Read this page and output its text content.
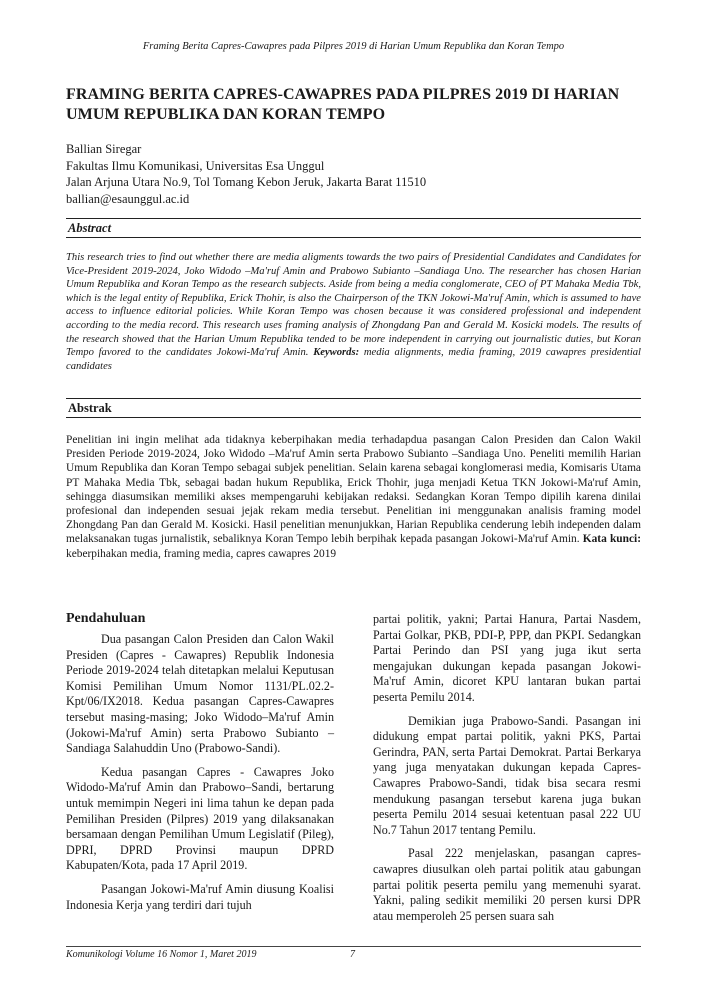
Framing Berita Capres-Cawapres pada Pilpres 2019 di Harian Umum Republika dan Koran Tempo
FRAMING BERITA CAPRES-CAWAPRES PADA PILPRES 2019 DI HARIAN
UMUM REPUBLIKA DAN KORAN TEMPO
Ballian Siregar
Fakultas Ilmu Komunikasi, Universitas Esa Unggul
Jalan Arjuna Utara No.9, Tol Tomang Kebon Jeruk, Jakarta Barat 11510
ballian@esaunggul.ac.id
Abstract

This research tries to find out whether there are media aligments towards the two pairs of Presidential Candidates and Candidates for Vice-President 2019-2024, Joko Widodo –Ma'ruf Amin and Prabowo Subianto –Sandiaga Uno. The researcher has chosen Harian Umum Republika and Koran Tempo as the research subjects. Aside from being a media conglomerate, CEO of PT Mahaka Media Tbk, which is the legal entity of Republika, Erick Thohir, is also the Chairperson of the TKN Jokowi-Ma'ruf Amin, which is assumed to have access to influence editorial policies. While Koran Tempo was chosen because it was considered professional and independent according to the media record. This research uses framing analysis of Zhongdang Pan and Gerald M. Kosicki models. The results of the research showed that the Harian Umum Republika tended to be more independent in carrying out journalistic duties, but Koran Tempo favored to the candidates Jokowi-Ma'ruf Amin. Keywords: media alignments, media framing, 2019 cawapres presidential candidates

Abstrak

Penelitian ini ingin melihat ada tidaknya keberpihakan media terhadapdua pasangan Calon Presiden dan Calon Wakil Presiden Periode 2019-2024, Joko Widodo –Ma'ruf Amin serta Prabowo Subianto –Sandiaga Uno. Peneliti memilih Harian Umum Republika dan Koran Tempo sebagai subjek penelitian. Selain karena sebagai konglomerasi media, Komisaris Utama PT Mahaka Media Tbk, sebagai badan hukum Republika, Erick Thohir, juga menjadi Ketua TKN Jokowi-Ma'ruf Amin, sehingga diasumsikan memiliki akses mempengaruhi kebijakan redaksi. Sedangkan Koran Tempo dipilih karena dinilai profesional dan independen sesuai jejak rekam media tersebut. Penelitian ini menggunakan analisis framing model Zhongdang Pan dan Gerald M. Kosicki. Hasil penelitian menunjukkan, Harian Republika cenderung lebih independen dalam melaksanakan tugas jurnalistik, sebaliknya Koran Tempo lebih berpihak kepada pasangan Jokowi-Ma'ruf Amin. Kata kunci: keberpihakan media, framing media, capres cawapres 2019

Pendahuluan

Dua pasangan Calon Presiden dan Calon Wakil Presiden (Capres - Cawapres) Republik Indonesia Periode 2019-2024 telah ditetapkan melalui Keputusan Komisi Pemilihan Umum Nomor 1131/PL.02.2-Kpt/06/IX2018. Kedua pasangan Capres-Cawapres tersebut masing-masing; Joko Widodo–Ma'ruf Amin (Jokowi-Ma'ruf Amin) serta Prabowo Subianto –Sandiaga Salahuddin Uno (Prabowo-Sandi).

Kedua pasangan Capres - Cawapres Joko Widodo-Ma'ruf Amin dan Prabowo–Sandi, bertarung untuk memimpin Negeri ini lima tahun ke depan pada Pemilihan Presiden (Pilpres) 2019 yang dilaksanakan bersamaan dengan Pemilihan Umum Legislatif (Pileg), DPRI, DPRD Provinsi maupun DPRD Kabupaten/Kota, pada 17 April 2019.

Pasangan Jokowi-Ma'ruf Amin diusung Koalisi Indonesia Kerja yang terdiri dari tujuh

partai politik, yakni; Partai Hanura, Partai Nasdem, Partai Golkar, PKB, PDI-P, PPP, dan PKPI. Sedangkan Partai Perindo dan PSI yang juga ikut serta mengajukan dukungan kepada pasangan Jokowi-Ma'ruf Amin, dicoret KPU lantaran bukan partai peserta Pemilu 2014.

Demikian juga Prabowo-Sandi. Pasangan ini didukung empat partai politik, yakni PKS, Partai Gerindra, PAN, serta Partai Demokrat. Partai Berkarya yang juga menyatakan dukungan kepada Capres-Cawapres Prabowo-Sandi, tidak bisa secara resmi mendukung pasangan tersebut karena juga bukan peserta Pemilu 2014 sesuai ketentuan pasal 222 UU No.7 Tahun 2017 tentang Pemilu.

Pasal 222 menjelaskan, pasangan capres-cawapres diusulkan oleh partai politik atau gabungan partai politik peserta pemilu yang memenuhi syarat. Yakni, paling sedikit memiliki 20 persen kursi DPR atau memperoleh 25 persen suara sah

Komunikologi Volume 16 Nomor 1, Maret 2019	7
